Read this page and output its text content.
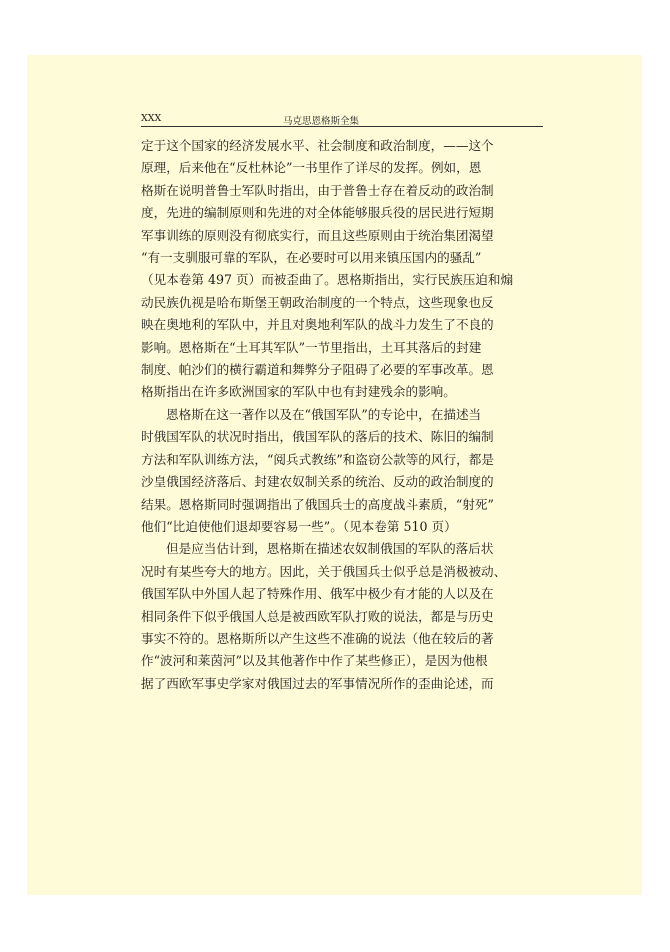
XXX	马克思恩格斯全集

定于这个国家的经济发展水平、社会制度和政治制度，——这个
原理，后来他在“反杜林论”一书里作了详尽的发挥。例如，恩
格斯在说明普鲁士军队时指出，由于普鲁士存在着反动的政治制
度，先进的编制原则和先进的对全体能够服兵役的居民进行短期
军事训练的原则没有彻底实行，而且这些原则由于统治集团渴望
“有一支驯服可靠的军队，在必要时可以用来镇压国内的骚乱”
（见本卷第 497 页）而被歪曲了。恩格斯指出，实行民族压迫和煽
动民族仇视是哈布斯堡王朝政治制度的一个特点，这些现象也反
映在奥地利的军队中，并且对奥地利军队的战斗力发生了不良的
影响。恩格斯在“土耳其军队”一节里指出，土耳其落后的封建
制度、帕沙们的横行霸道和舞弊分子阻碍了必要的军事改革。恩
格斯指出在许多欧洲国家的军队中也有封建残余的影响。

恩格斯在这一著作以及在“俄国军队”的专论中，在描述当
时俄国军队的状况时指出，俄国军队的落后的技术、陈旧的编制
方法和军队训练方法，“阅兵式教练”和盗窃公款等的风行，都是
沙皇俄国经济落后、封建农奴制关系的统治、反动的政治制度的
结果。恩格斯同时强调指出了俄国兵士的高度战斗素质，“射死”
他们“比迫使他们退却要容易一些”。（见本卷第 510 页）

但是应当估计到，恩格斯在描述农奴制俄国的军队的落后状
况时有某些夸大的地方。因此，关于俄国兵士似乎总是消极被动、
俄国军队中外国人起了特殊作用、俄军中极少有才能的人以及在
相同条件下似乎俄国人总是被西欧军队打败的说法，都是与历史
事实不符的。恩格斯所以产生这些不准确的说法（他在较后的著
作“波河和莱茵河”以及其他著作中作了某些修正），是因为他根
据了西欧军事史学家对俄国过去的军事情况所作的歪曲论述，而
